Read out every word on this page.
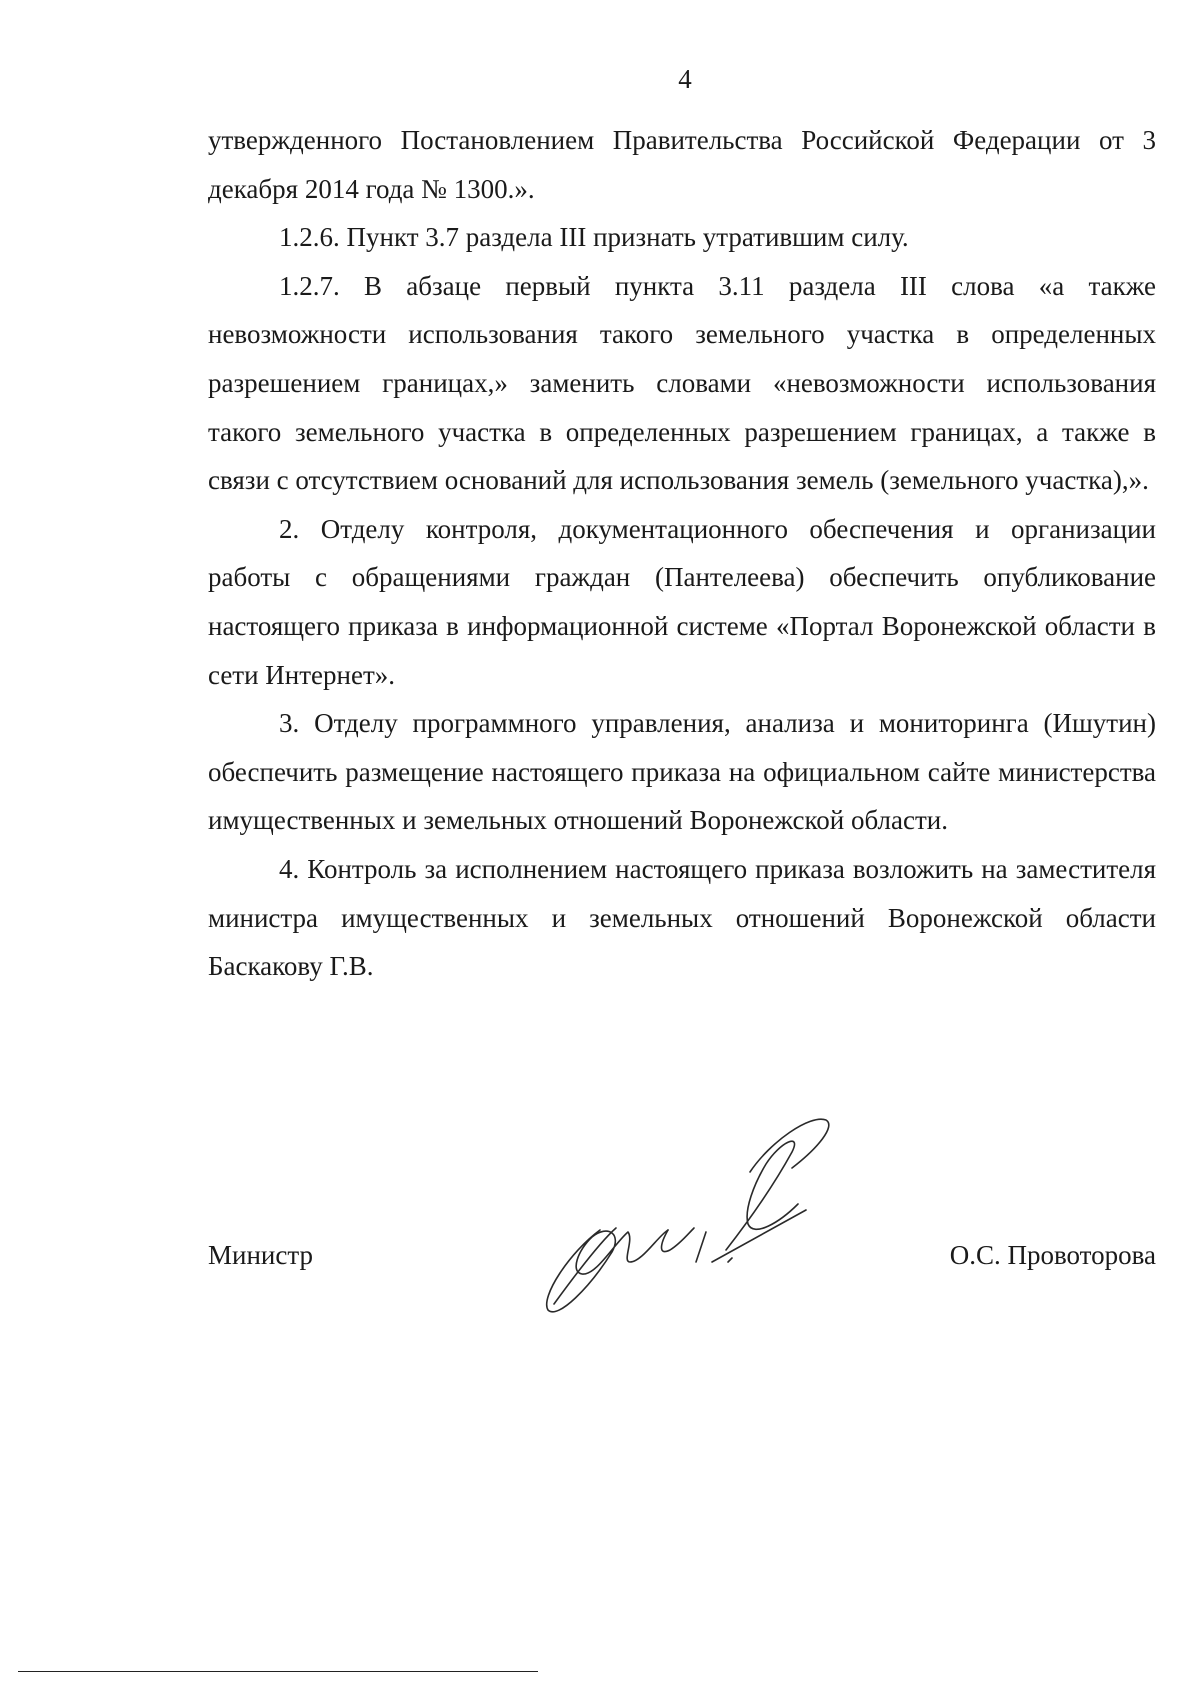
4

утвержденного Постановлением Правительства Российской Федерации от 3 декабря 2014 года № 1300.».

1.2.6. Пункт 3.7 раздела III признать утратившим силу.

1.2.7. В абзаце первый пункта 3.11 раздела III слова «а также невозможности использования такого земельного участка в определенных разрешением границах,» заменить словами «невозможности использования такого земельного участка в определенных разрешением границах, а также в связи с отсутствием оснований для использования земель (земельного участка),».

2. Отделу контроля, документационного обеспечения и организации работы с обращениями граждан (Пантелеева) обеспечить опубликование настоящего приказа в информационной системе «Портал Воронежской области в сети Интернет».

3. Отделу программного управления, анализа и мониторинга (Ишутин) обеспечить размещение настоящего приказа на официальном сайте министерства имущественных и земельных отношений Воронежской области.

4. Контроль за исполнением настоящего приказа возложить на заместителя министра имущественных и земельных отношений Воронежской области Баскакову Г.В.

Министр	О.С. Провоторова
